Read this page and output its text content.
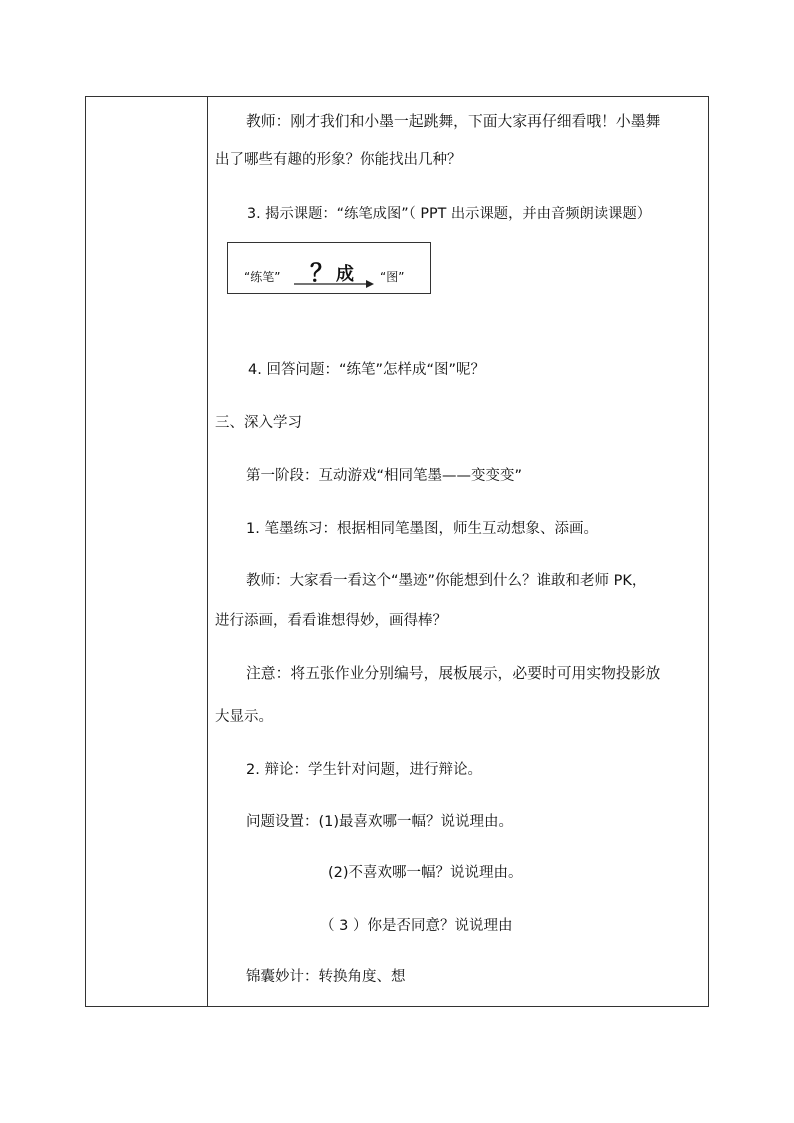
教师：刚才我们和小墨一起跳舞，下面大家再仔细看哦！小墨舞
出了哪些有趣的形象？你能找出几种？
3. 揭示课题：“练笔成图”（ PPT 出示课题，并由音频朗读课题）
“练笔” ？ 成 “图”
4. 回答问题：“练笔”怎样成“图”呢？
三、深入学习
第一阶段：互动游戏“相同笔墨——变变变”
1. 笔墨练习：根据相同笔墨图，师生互动想象、添画。
教师：大家看一看这个“墨迹”你能想到什么？谁敢和老师 PK，
进行添画，看看谁想得妙，画得棒？
注意：将五张作业分别编号，展板展示，必要时可用实物投影放
大显示。
2. 辩论：学生针对问题，进行辩论。
问题设置：(1)最喜欢哪一幅？说说理由。
(2)不喜欢哪一幅？说说理由。
（ 3 ）你是否同意？说说理由
锦囊妙计：转换角度、想
